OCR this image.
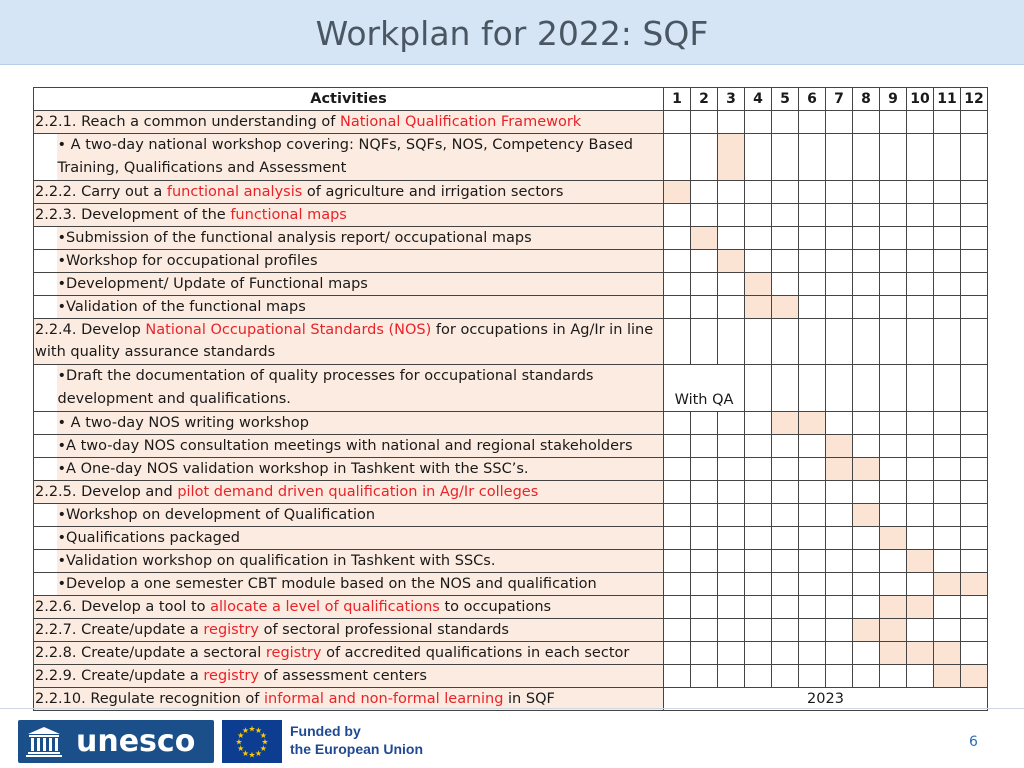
Workplan for 2022: SQF
Activities		1	2	3	4	5	6	7	8	9	10	11	12
2.2.1. Reach a common understanding of National Qualification Framework													
	• A two-day national workshop covering: NQFs, SQFs, NOS, Competency Based Training, Qualifications and Assessment												
2.2.2. Carry out a functional analysis of agriculture and irrigation sectors													
2.2.3. Development of the functional maps													
	•Submission of the functional analysis report/ occupational maps												
	•Workshop for occupational profiles												
	•Development/ Update of Functional maps												
	•Validation of the functional maps												
2.2.4. Develop National Occupational Standards (NOS) for occupations in Ag/Ir in line with quality assurance standards													
	•Draft the documentation of quality processes for occupational standards development and qualifications.	With QA											
	• A two-day NOS writing workshop												
	•A two-day NOS consultation meetings with national and regional stakeholders												
	•A One-day NOS validation workshop in Tashkent with the SSC’s.												
2.2.5. Develop and pilot demand driven qualification in Ag/Ir colleges													
	•Workshop on development of Qualification												
	•Qualifications packaged												
	•Validation workshop on qualification in Tashkent with SSCs.												
	•Develop a one semester CBT module based on the NOS and qualification												
2.2.6. Develop a tool to allocate a level of qualifications to occupations													
2.2.7. Create/update a registry of sectoral professional standards													
2.2.8. Create/update a sectoral registry of accredited qualifications in each sector													
2.2.9. Create/update a registry of assessment centers													
2.2.10. Regulate recognition of informal and non-formal learning in SQF		2023											
unesco	★ ★
★
★
★
★
★
★
★
★
★
★	Funded by
the European Union	6
